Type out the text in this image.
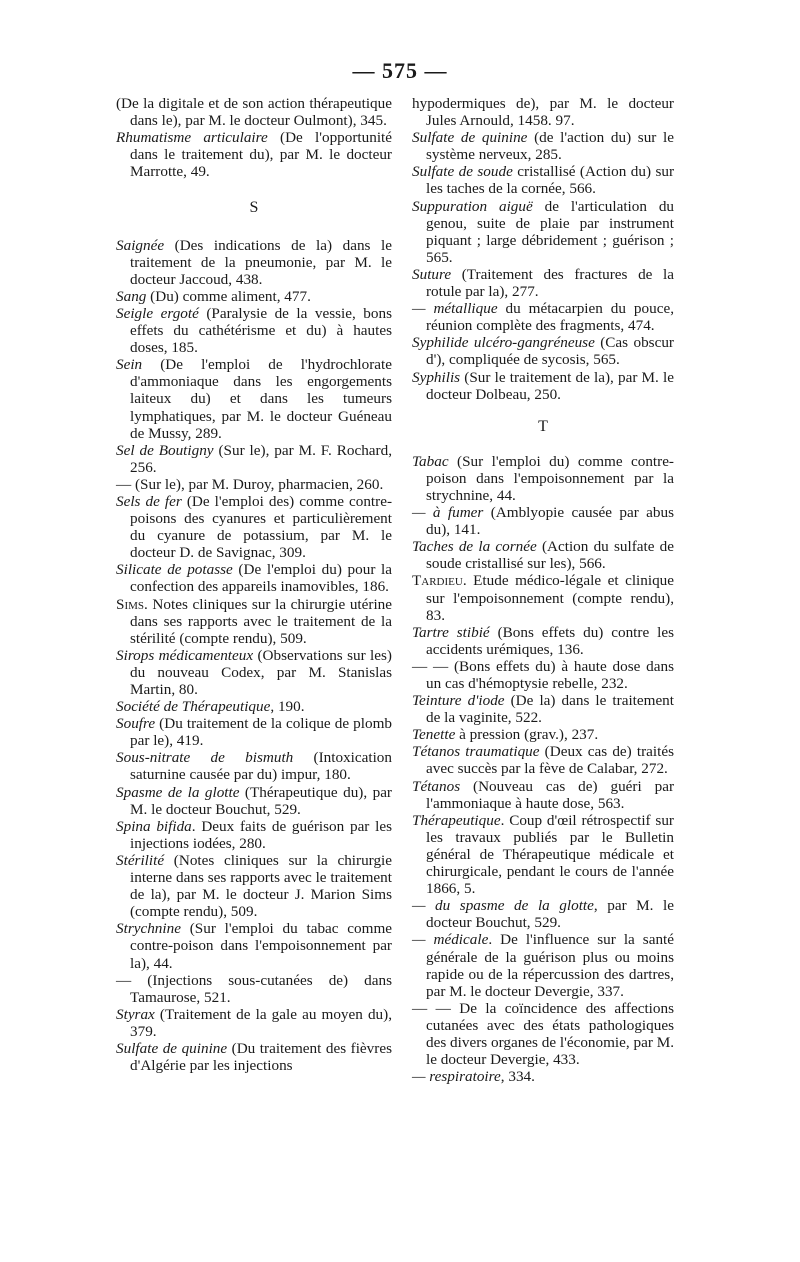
— 575 —

(De la digitale et de son action thérapeutique dans le), par M. le docteur Oulmont), 345.

Rhumatisme articulaire (De l'opportunité dans le traitement du), par M. le docteur Marrotte, 49.

S

Saignée (Des indications de la) dans le traitement de la pneumonie, par M. le docteur Jaccoud, 438.

Sang (Du) comme aliment, 477.

Seigle ergoté (Paralysie de la vessie, bons effets du cathétérisme et du) à hautes doses, 185.

Sein (De l'emploi de l'hydrochlorate d'ammoniaque dans les engorgements laiteux du) et dans les tumeurs lymphatiques, par M. le docteur Guéneau de Mussy, 289.

Sel de Boutigny (Sur le), par M. F. Rochard, 256.

— (Sur le), par M. Duroy, pharmacien, 260.

Sels de fer (De l'emploi des) comme contre-poisons des cyanures et particulièrement du cyanure de potassium, par M. le docteur D. de Savignac, 309.

Silicate de potasse (De l'emploi du) pour la confection des appareils inamovibles, 186.

Sims. Notes cliniques sur la chirurgie utérine dans ses rapports avec le traitement de la stérilité (compte rendu), 509.

Sirops médicamenteux (Observations sur les) du nouveau Codex, par M. Stanislas Martin, 80.

Société de Thérapeutique, 190.

Soufre (Du traitement de la colique de plomb par le), 419.

Sous-nitrate de bismuth (Intoxication saturnine causée par du) impur, 180.

Spasme de la glotte (Thérapeutique du), par M. le docteur Bouchut, 529.

Spina bifida. Deux faits de guérison par les injections iodées, 280.

Stérilité (Notes cliniques sur la chirurgie interne dans ses rapports avec le traitement de la), par M. le docteur J. Marion Sims (compte rendu), 509.

Strychnine (Sur l'emploi du tabac comme contre-poison dans l'empoisonnement par la), 44.

— (Injections sous-cutanées de) dans Tamaurose, 521.

Styrax (Traitement de la gale au moyen du), 379.

Sulfate de quinine (Du traitement des fièvres d'Algérie par les injections

hypodermiques de), par M. le docteur Jules Arnould, 1458. 97.

Sulfate de quinine (de l'action du) sur le système nerveux, 285.

Sulfate de soude cristallisé (Action du) sur les taches de la cornée, 566.

Suppuration aiguë de l'articulation du genou, suite de plaie par instrument piquant ; large débridement ; guérison ; 565.

Suture (Traitement des fractures de la rotule par la), 277.

— métallique du métacarpien du pouce, réunion complète des fragments, 474.

Syphilide ulcéro-gangréneuse (Cas obscur d'), compliquée de sycosis, 565.

Syphilis (Sur le traitement de la), par M. le docteur Dolbeau, 250.

T

Tabac (Sur l'emploi du) comme contre-poison dans l'empoisonnement par la strychnine, 44.

— à fumer (Amblyopie causée par abus du), 141.

Taches de la cornée (Action du sulfate de soude cristallisé sur les), 566.

Tardieu. Etude médico-légale et clinique sur l'empoisonnement (compte rendu), 83.

Tartre stibié (Bons effets du) contre les accidents urémiques, 136.

— — (Bons effets du) à haute dose dans un cas d'hémoptysie rebelle, 232.

Teinture d'iode (De la) dans le traitement de la vaginite, 522.

Tenette à pression (grav.), 237.

Tétanos traumatique (Deux cas de) traités avec succès par la fève de Calabar, 272.

Tétanos (Nouveau cas de) guéri par l'ammoniaque à haute dose, 563.

Thérapeutique. Coup d'œil rétrospectif sur les travaux publiés par le Bulletin général de Thérapeutique médicale et chirurgicale, pendant le cours de l'année 1866, 5.

— du spasme de la glotte, par M. le docteur Bouchut, 529.

— médicale. De l'influence sur la santé générale de la guérison plus ou moins rapide ou de la répercussion des dartres, par M. le docteur Devergie, 337.

— — De la coïncidence des affections cutanées avec des états pathologiques des divers organes de l'économie, par M. le docteur Devergie, 433.

— respiratoire, 334.
